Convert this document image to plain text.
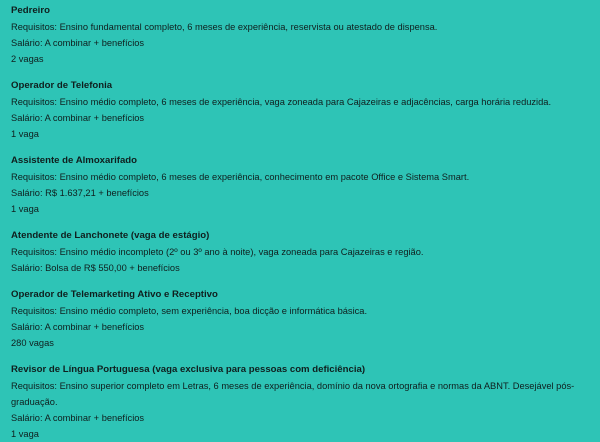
Pedreiro

Requisitos: Ensino fundamental completo, 6 meses de experiência, reservista ou atestado de dispensa.

Salário: A combinar + benefícios

2 vagas

Operador de Telefonia

Requisitos: Ensino médio completo, 6 meses de experiência, vaga zoneada para Cajazeiras e adjacências, carga horária reduzida.

Salário: A combinar + benefícios

1 vaga

Assistente de Almoxarifado

Requisitos: Ensino médio completo, 6 meses de experiência, conhecimento em pacote Office e Sistema Smart.

Salário: R$ 1.637,21 + benefícios

1 vaga

Atendente de Lanchonete (vaga de estágio)

Requisitos: Ensino médio incompleto (2º ou 3º ano à noite), vaga zoneada para Cajazeiras e região.

Salário: Bolsa de R$ 550,00 + benefícios

Operador de Telemarketing Ativo e Receptivo

Requisitos: Ensino médio completo, sem experiência, boa dicção e informática básica.

Salário: A combinar + benefícios

280 vagas

Revisor de Língua Portuguesa (vaga exclusiva para pessoas com deficiência)

Requisitos: Ensino superior completo em Letras, 6 meses de experiência, domínio da nova ortografia e normas da ABNT. Desejável pós-graduação.

Salário: A combinar + benefícios

1 vaga
